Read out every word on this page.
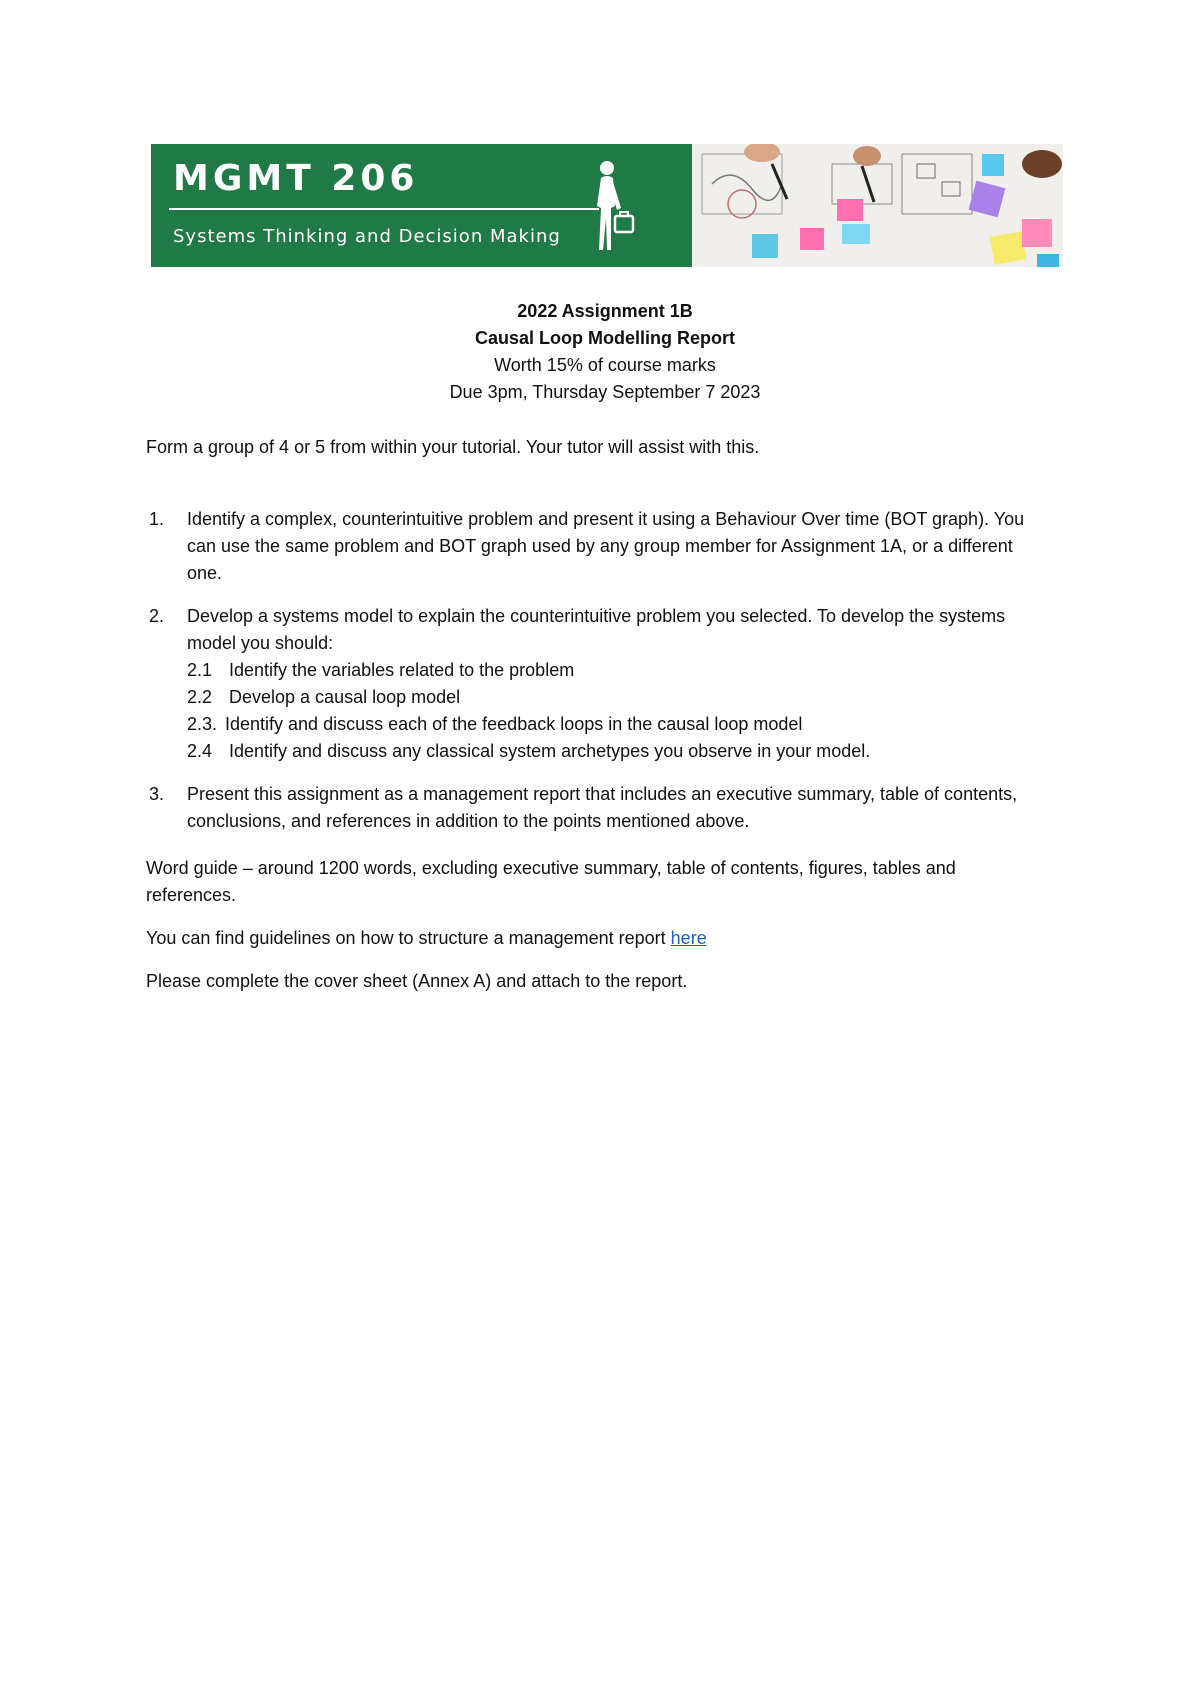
MGMT 206
Systems Thinking and Decision Making
2022 Assignment 1B
Causal Loop Modelling Report
Worth 15% of course marks
Due 3pm, Thursday September 7 2023
Form a group of 4 or 5 from within your tutorial. Your tutor will assist with this.
1. Identify a complex, counterintuitive problem and present it using a Behaviour Over time (BOT graph). You can use the same problem and BOT graph used by any group member for Assignment 1A, or a different one.
2. Develop a systems model to explain the counterintuitive problem you selected. To develop the systems model you should:
2.1 Identify the variables related to the problem
2.2 Develop a causal loop model
2.3. Identify and discuss each of the feedback loops in the causal loop model
2.4 Identify and discuss any classical system archetypes you observe in your model.
3. Present this assignment as a management report that includes an executive summary, table of contents, conclusions, and references in addition to the points mentioned above.
Word guide – around 1200 words, excluding executive summary, table of contents, figures, tables and references.
You can find guidelines on how to structure a management report here
Please complete the cover sheet (Annex A) and attach to the report.
